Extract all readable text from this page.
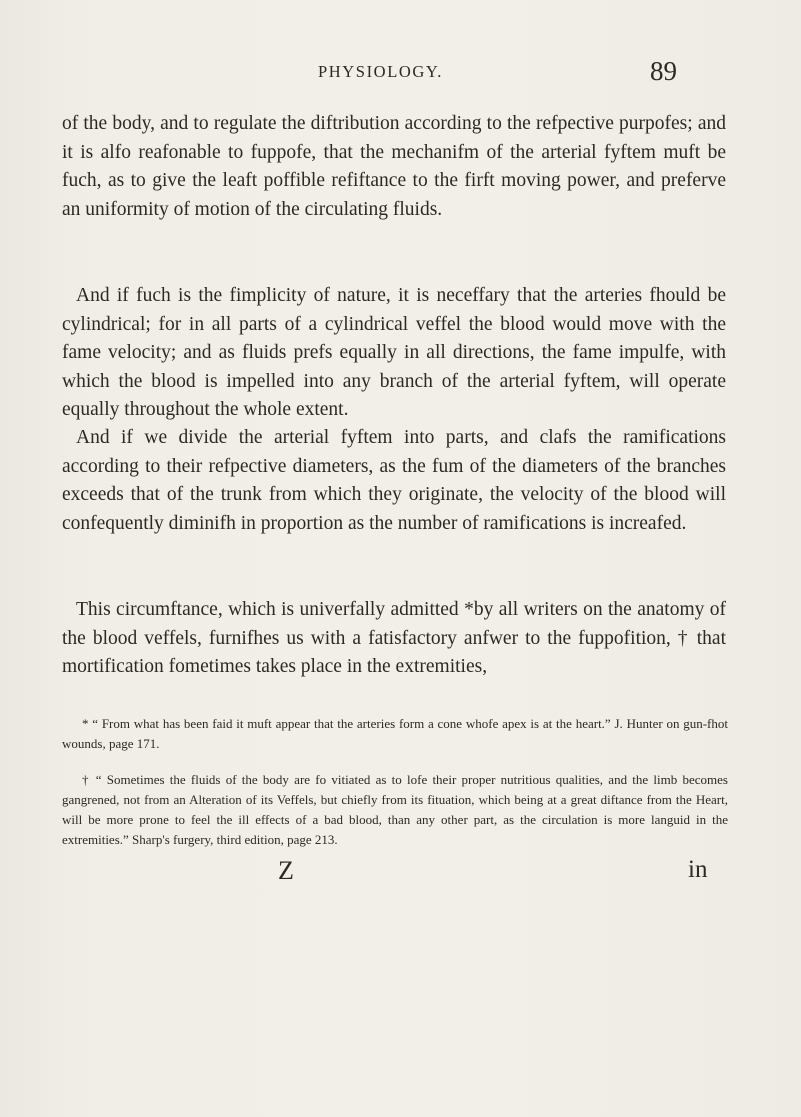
PHYSIOLOGY.	89

of the body, and to regulate the diftribution according to the refpective purpofes; and it is alfo reafonable to fuppofe, that the mechanifm of the arterial fyftem muft be fuch, as to give the leaft poffible refiftance to the firft moving power, and preferve an uniformity of motion of the circulating fluids.

And if fuch is the fimplicity of nature, it is neceffary that the arteries fhould be cylindrical; for in all parts of a cylindrical veffel the blood would move with the fame velocity; and as fluids prefs equally in all directions, the fame impulfe, with which the blood is impelled into any branch of the arterial fyftem, will operate equally throughout the whole extent.

And if we divide the arterial fyftem into parts, and clafs the ramifications according to their refpective diameters, as the fum of the diameters of the branches exceeds that of the trunk from which they originate, the velocity of the blood will confequently diminifh in proportion as the number of ramifications is increafed.

This circumftance, which is univerfally admitted *by all writers on the anatomy of the blood veffels, furnifhes us with a fatisfactory anfwer to the fuppofition, † that mortification fometimes takes place in the extremities,

* “ From what has been faid it muft appear that the arteries form a cone whofe apex is at the heart.” J. Hunter on gun-fhot wounds, page 171.

† “ Sometimes the fluids of the body are fo vitiated as to lofe their proper nutritious qualities, and the limb becomes gangrened, not from an Alteration of its Veffels, but chiefly from its fituation, which being at a great diftance from the Heart, will be more prone to feel the ill effects of a bad blood, than any other part, as the circulation is more languid in the extremities.” Sharp's furgery, third edition, page 213.

Z	in
